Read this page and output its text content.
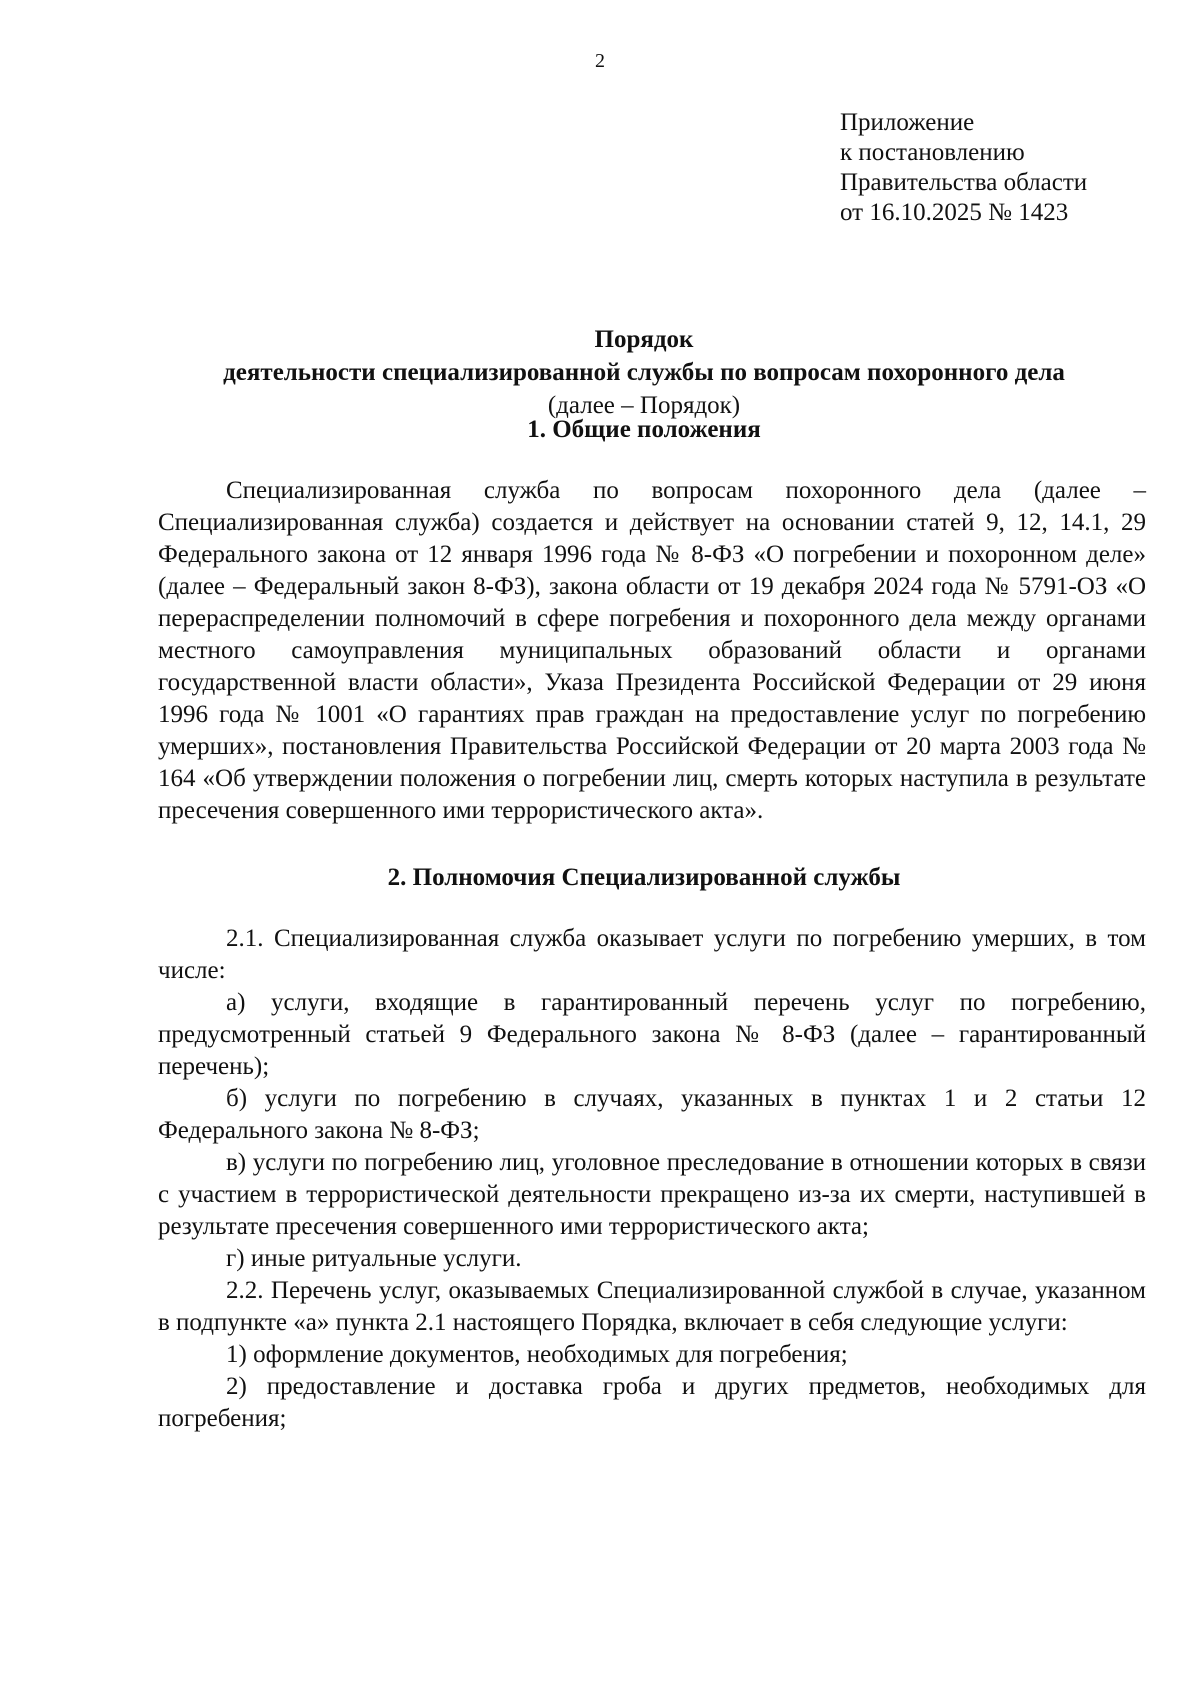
2
Приложение
к постановлению
Правительства области
от 16.10.2025 № 1423
Порядок
деятельности специализированной службы по вопросам похоронного дела
(далее – Порядок)
1. Общие положения

Специализированная служба по вопросам похоронного дела (далее – Специализированная служба) создается и действует на основании статей 9, 12, 14.1, 29 Федерального закона от 12 января 1996 года № 8-ФЗ «О погребении и похоронном деле» (далее – Федеральный закон 8-ФЗ), закона области от 19 декабря 2024 года № 5791-ОЗ «О перераспределении полномочий в сфере погребения и похоронного дела между органами местного самоуправления муниципальных образований области и органами государственной власти области», Указа Президента Российской Федерации от 29 июня 1996 года № 1001 «О гарантиях прав граждан на предоставление услуг по погребению умерших», постановления Правительства Российской Федерации от 20 марта 2003 года № 164 «Об утверждении положения о погребении лиц, смерть которых наступила в результате пресечения совершенного ими террористического акта».

2. Полномочия Специализированной службы

2.1. Специализированная служба оказывает услуги по погребению умерших, в том числе:

а) услуги, входящие в гарантированный перечень услуг по погребению, предусмотренный статьей 9 Федерального закона № 8-ФЗ (далее – гарантированный перечень);

б) услуги по погребению в случаях, указанных в пунктах 1 и 2 статьи 12 Федерального закона № 8-ФЗ;

в) услуги по погребению лиц, уголовное преследование в отношении которых в связи с участием в террористической деятельности прекращено из-за их смерти, наступившей в результате пресечения совершенного ими террористического акта;

г) иные ритуальные услуги.

2.2. Перечень услуг, оказываемых Специализированной службой в случае, указанном в подпункте «а» пункта 2.1 настоящего Порядка, включает в себя следующие услуги:

1) оформление документов, необходимых для погребения;

2) предоставление и доставка гроба и других предметов, необходимых для погребения;
